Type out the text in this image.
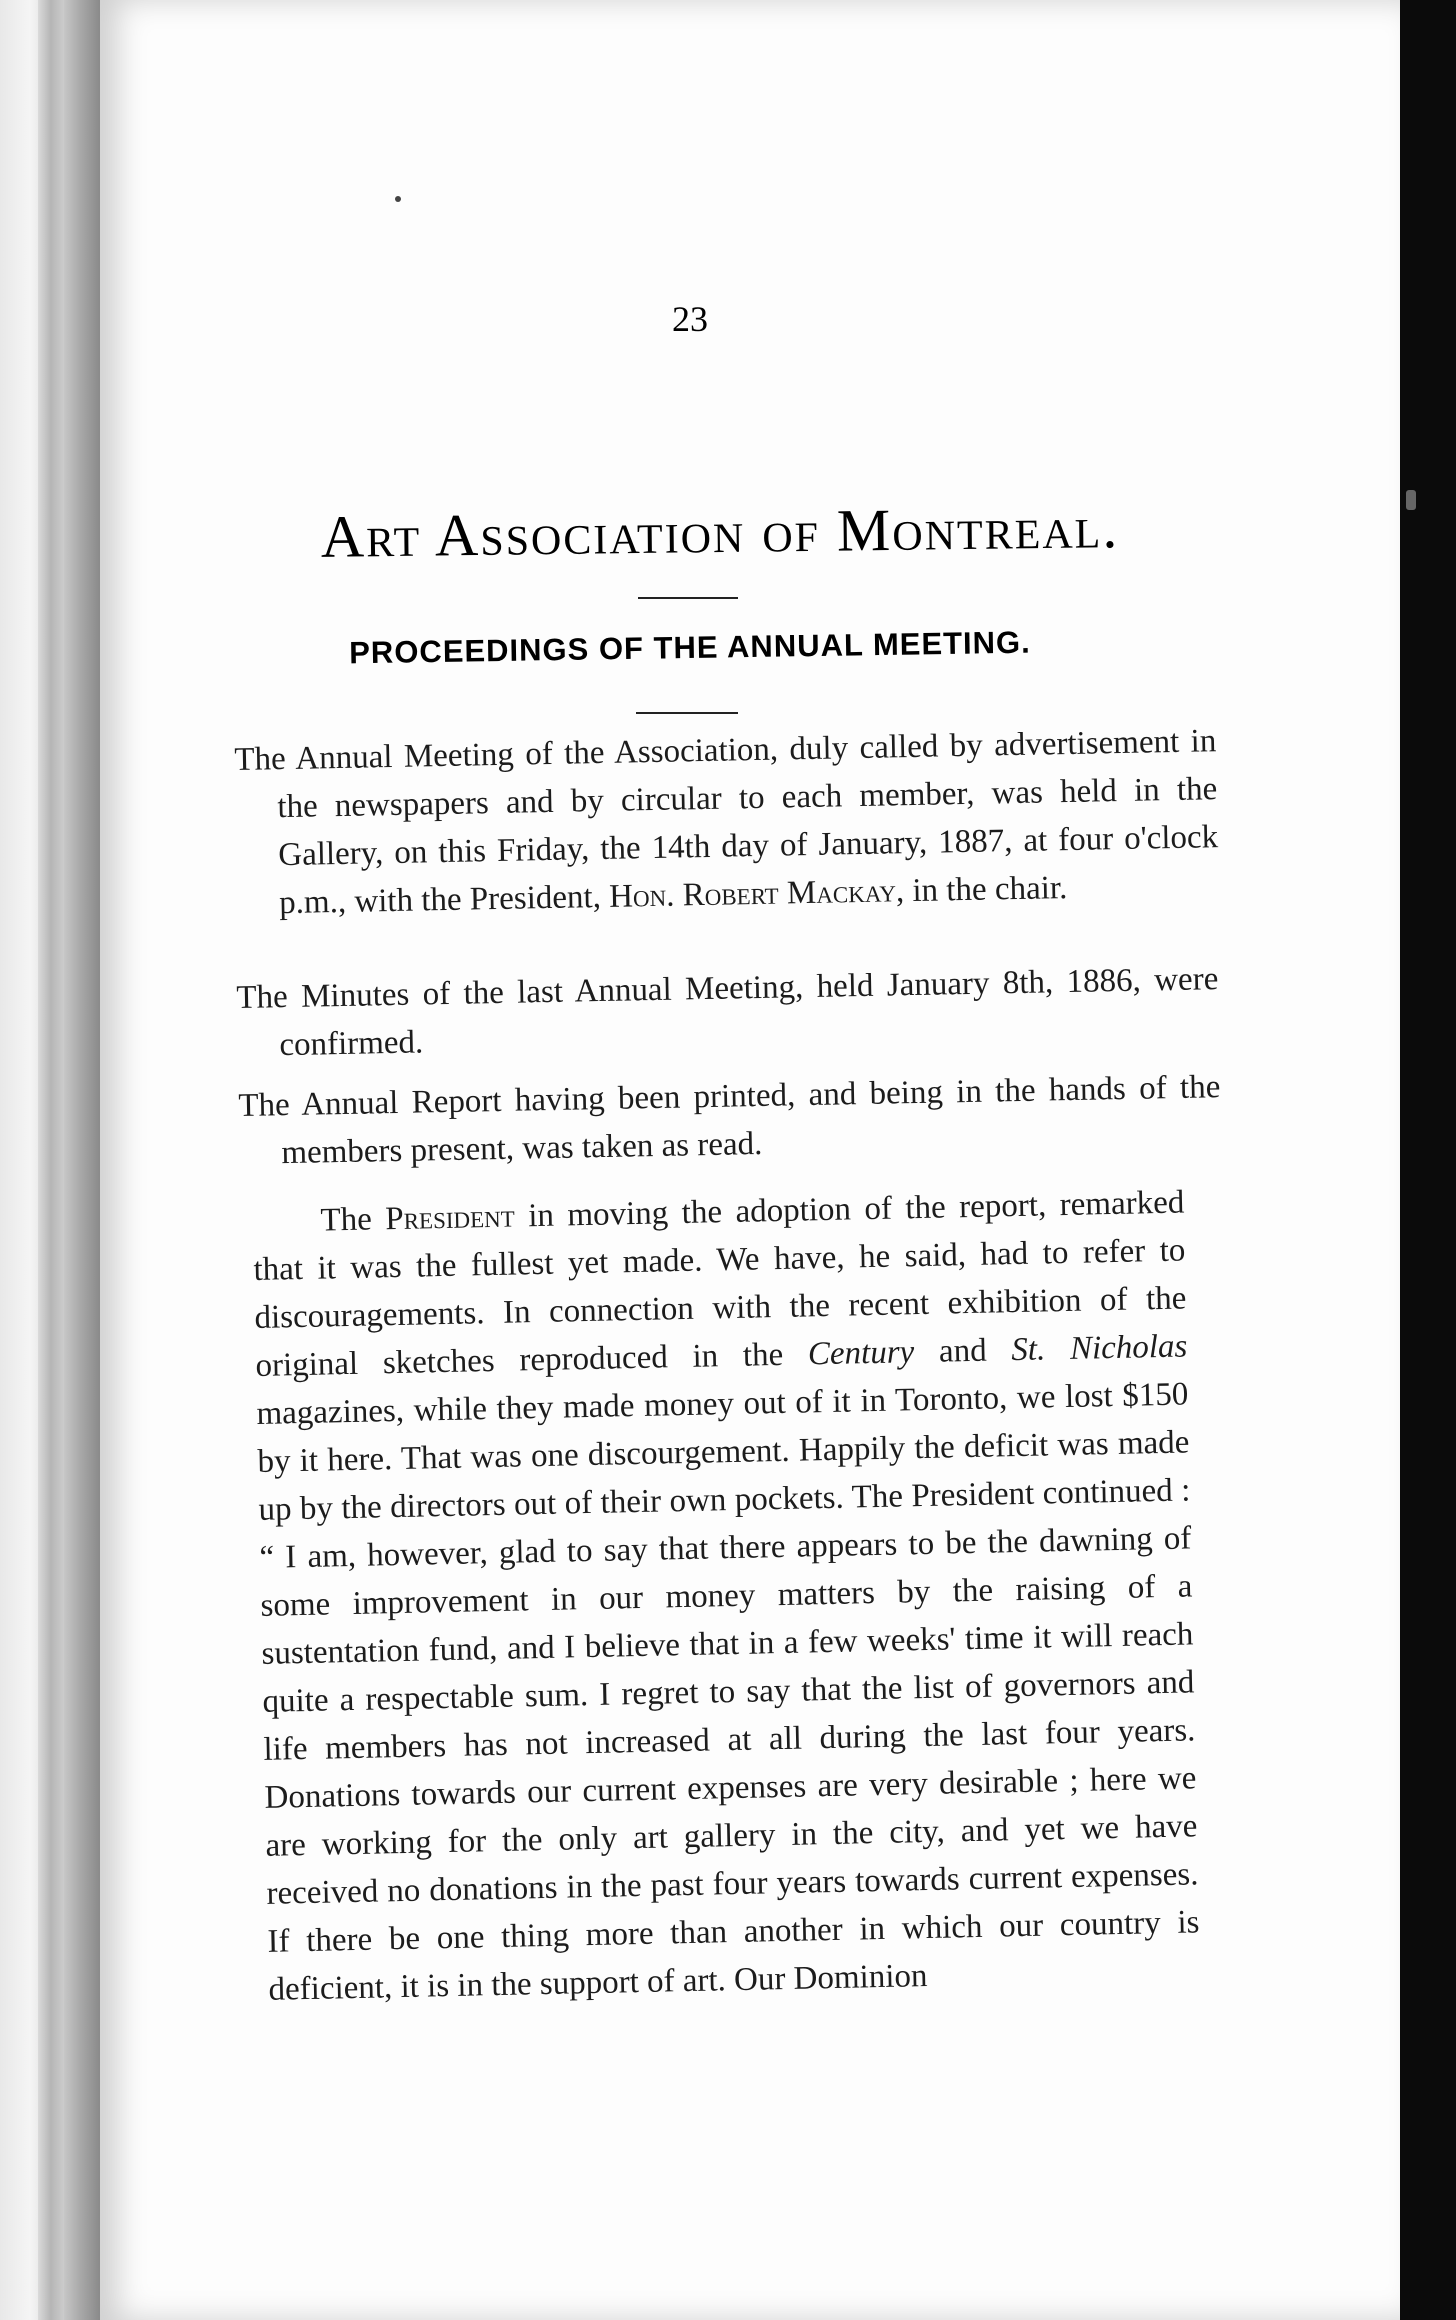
23
Art Association of Montreal.
PROCEEDINGS OF THE ANNUAL MEETING.
The Annual Meeting of the Association, duly called by advertisement in the newspapers and by circular to each member, was held in the Gallery, on this Friday, the 14th day of January, 1887, at four o'clock p.m., with the President, Hon. Robert Mackay, in the chair.
The Minutes of the last Annual Meeting, held January 8th, 1886, were confirmed.
The Annual Report having been printed, and being in the hands of the members present, was taken as read.
The President in moving the adoption of the report, remarked that it was the fullest yet made. We have, he said, had to refer to discouragements. In connection with the recent exhibition of the original sketches reproduced in the Century and St. Nicholas magazines, while they made money out of it in Toronto, we lost $150 by it here. That was one discourgement. Happily the deficit was made up by the directors out of their own pockets. The President continued : “ I am, however, glad to say that there appears to be the dawning of some improvement in our money matters by the raising of a sustentation fund, and I believe that in a few weeks' time it will reach quite a respectable sum. I regret to say that the list of governors and life members has not increased at all during the last four years. Donations towards our current expenses are very desirable ; here we are working for the only art gallery in the city, and yet we have received no donations in the past four years towards current expenses. If there be one thing more than another in which our country is deficient, it is in the support of art. Our Dominion
